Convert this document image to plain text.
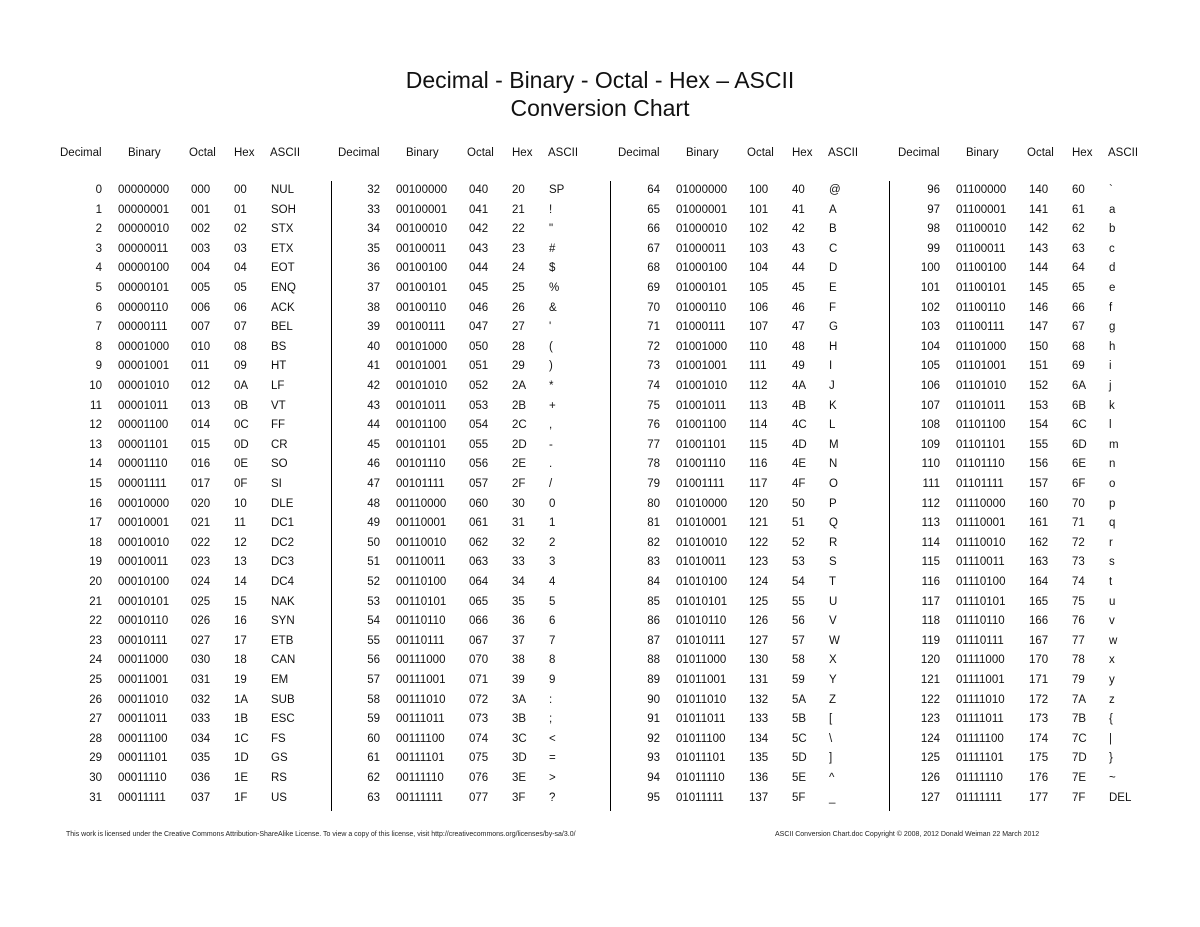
Decimal - Binary - Octal - Hex – ASCII
Conversion Chart
Decimal Binary Octal Hex ASCII	Decimal Binary Octal Hex ASCII	Decimal Binary Octal Hex ASCII	Decimal Binary Octal Hex ASCII
0 00000000	000	00	NUL
1 00000001	001	01	SOH
2 00000010	002	02	STX
3 00000011	003	03	ETX
4 00000100	004	04	EOT
5 00000101	005	05	ENQ
6 00000110	006	06	ACK
7 00000111	007	07	BEL
8 00001000	010	08	BS
9 00001001	011	09	HT
10 00001010	012	0A	LF
11 00001011	013	0B	VT
12 00001100	014	0C	FF
13 00001101	015	0D	CR
14 00001110	016	0E	SO
15 00001111	017	0F	SI
16 00010000	020	10	DLE
17 00010001	021	11	DC1
18 00010010	022	12	DC2
19 00010011	023	13	DC3
20 00010100	024	14	DC4
21 00010101	025	15	NAK
22 00010110	026	16	SYN
23 00010111	027	17	ETB
24 00011000	030	18	CAN
25 00011001	031	19	EM
26 00011010	032	1A	SUB
27 00011011	033	1B	ESC
28 00011100	034	1C	FS
29 00011101	035	1D	GS
30 00011110	036	1E	RS
31 00011111	037	1F	US
32 00100000	040	20	SP
33 00100001	041	21	!
34 00100010	042	22	"
35 00100011	043	23	#
36 00100100	044	24	$
37 00100101	045	25	%
38 00100110	046	26	&
39 00100111	047	27	'
40 00101000	050	28	(
41 00101001	051	29	)
42 00101010	052	2A	*
43 00101011	053	2B	+
44 00101100	054	2C	,
45 00101101	055	2D	-
46 00101110	056	2E	.
47 00101111	057	2F	/
48 00110000	060	30	0
49 00110001	061	31	1
50 00110010	062	32	2
51 00110011	063	33	3
52 00110100	064	34	4
53 00110101	065	35	5
54 00110110	066	36	6
55 00110111	067	37	7
56 00111000	070	38	8
57 00111001	071	39	9
58 00111010	072	3A	:
59 00111011	073	3B	;
60 00111100	074	3C	<
61 00111101	075	3D	=
62 00111110	076	3E	>
63 00111111	077	3F	?
64 01000000	100	40	@
65 01000001	101	41	A
66 01000010	102	42	B
67 01000011	103	43	C
68 01000100	104	44	D
69 01000101	105	45	E
70 01000110	106	46	F
71 01000111	107	47	G
72 01001000	110	48	H
73 01001001	111	49	I
74 01001010	112	4A	J
75 01001011	113	4B	K
76 01001100	114	4C	L
77 01001101	115	4D	M
78 01001110	116	4E	N
79 01001111	117	4F	O
80 01010000	120	50	P
81 01010001	121	51	Q
82 01010010	122	52	R
83 01010011	123	53	S
84 01010100	124	54	T
85 01010101	125	55	U
86 01010110	126	56	V
87 01010111	127	57	W
88 01011000	130	58	X
89 01011001	131	59	Y
90 01011010	132	5A	Z
91 01011011	133	5B	[
92 01011100	134	5C	\
93 01011101	135	5D	]
94 01011110	136	5E	^
95 01011111	137	5F	_
96 01100000	140	60	`
97 01100001	141	61	a
98 01100010	142	62	b
99 01100011	143	63	c
100 01100100	144	64	d
101 01100101	145	65	e
102 01100110	146	66	f
103 01100111	147	67	g
104 01101000	150	68	h
105 01101001	151	69	i
106 01101010	152	6A	j
107 01101011	153	6B	k
108 01101100	154	6C	l
109 01101101	155	6D	m
110 01101110	156	6E	n
111 01101111	157	6F	o
112 01110000	160	70	p
113 01110001	161	71	q
114 01110010	162	72	r
115 01110011	163	73	s
116 01110100	164	74	t
117 01110101	165	75	u
118 01110110	166	76	v
119 01110111	167	77	w
120 01111000	170	78	x
121 01111001	171	79	y
122 01111010	172	7A	z
123 01111011	173	7B	{
124 01111100	174	7C	|
125 01111101	175	7D	}
126 01111110	176	7E	~
127 01111111	177	7F	DEL
This work is licensed under the Creative Commons Attribution-ShareAlike License. To view a copy of this license, visit http://creativecommons.org/licenses/by-sa/3.0/	ASCII Conversion Chart.doc Copyright © 2008, 2012 Donald Weiman 22 March 2012
